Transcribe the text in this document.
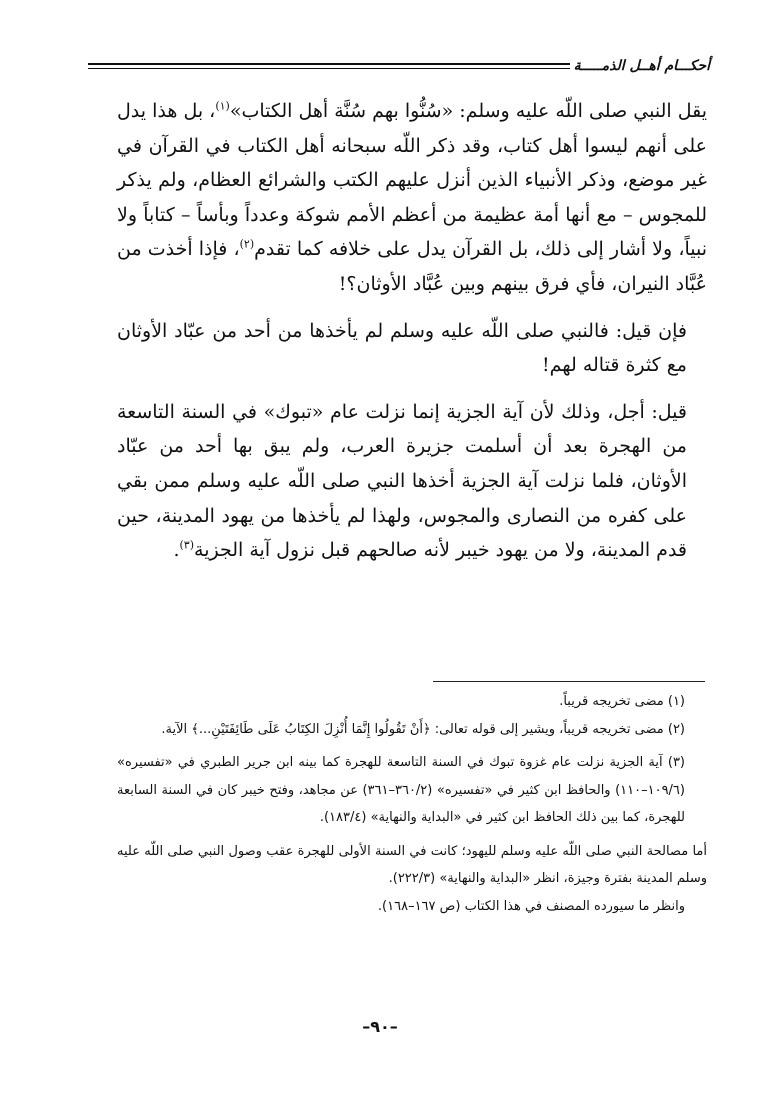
أحكـــام أهــل الذمـــــة

يقل النبي صلى اللّه عليه وسلم: «سُنُّوا بهم سُنَّة أهل الكتاب»$^{(١)}$، بل هذا يدل على أنهم ليسوا أهل كتاب، وقد ذكر اللّه سبحانه أهل الكتاب في القرآن في غير موضع، وذكر الأنبياء الذين أنزل عليهم الكتب والشرائع العظام، ولم يذكر للمجوس – مع أنها أمة عظيمة من أعظم الأمم شوكة وعدداً وبأساً – كتاباً ولا نبياً، ولا أشار إلى ذلك، بل القرآن يدل على خلافه كما تقدم$^{(٢)}$، فإذا أخذت من عُبَّاد النيران، فأي فرق بينهم وبين عُبَّاد الأوثان؟!

فإن قيل: فالنبي صلى اللّه عليه وسلم لم يأخذها من أحد من عبّاد الأوثان مع كثرة قتاله لهم!

قيل: أجل، وذلك لأن آية الجزية إنما نزلت عام «تبوك» في السنة التاسعة من الهجرة بعد أن أسلمت جزيرة العرب، ولم يبق بها أحد من عبّاد الأوثان، فلما نزلت آية الجزية أخذها النبي صلى اللّه عليه وسلم ممن بقي على كفره من النصارى والمجوس، ولهذا لم يأخذها من يهود المدينة، حين قدم المدينة، ولا من يهود خيبر لأنه صالحهم قبل نزول آية الجزية$^{(٣)}$.

(١) مضى تخريجه قريباً.

(٢) مضى تخريجه قريباً، ويشير إلى قوله تعالى: ﴿أَنْ تَقُولُوا إِنَّمَا أُنْزِلَ الكِتَابُ عَلَى طَائِفَتَيْنِ...﴾ الآية.

(٣) آية الجزية نزلت عام غزوة تبوك في السنة التاسعة للهجرة كما بينه ابن جرير الطبري في «تفسيره» (١٠٩/٦–١١٠) والحافظ ابن كثير في «تفسيره» (٣٦٠/٢–٣٦١) عن مجاهد، وفتح خيبر كان في السنة السابعة للهجرة، كما بين ذلك الحافظ ابن كثير في «البداية والنهاية» (١٨٣/٤).

أما مصالحة النبي صلى اللّه عليه وسلم لليهود؛ كانت في السنة الأولى للهجرة عقب وصول النبي صلى اللّه عليه وسلم المدينة بفترة وجيزة، انظر «البداية والنهاية» (٢٢٢/٣).

وانظر ما سيورده المصنف في هذا الكتاب (ص ١٦٧–١٦٨).

–٩٠–
